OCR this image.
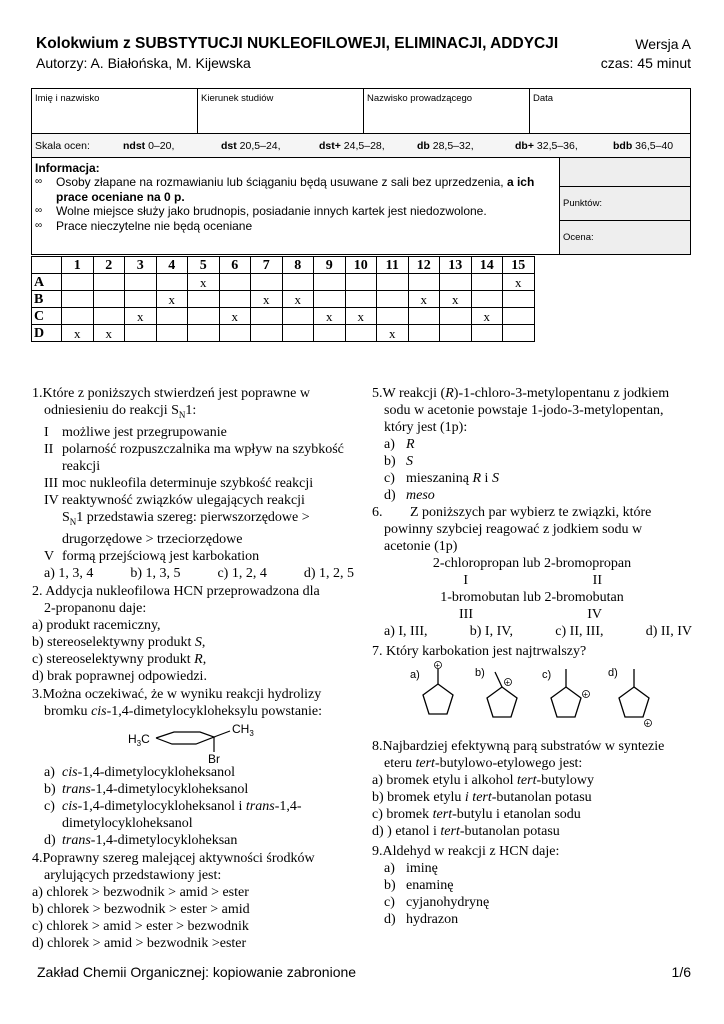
Kolokwium z SUBSTYTUCJI NUKLEOFILOWEJI, ELIMINACJI, ADDYCJI	Wersja A
Autorzy: A. Białońska, M. Kijewska	czas: 45 minut
Imię i nazwisko	Kierunek studiów	Nazwisko prowadzącego	Data
Skala ocen:	ndst 0–20,	dst 20,5–24,	dst+ 24,5–28,	db 28,5–32,	db+ 32,5–36,	bdb 36,5–40
Informacja:
∞	Osoby złapane na rozmawianiu lub ściąganiu będą usuwane z sali bez uprzedzenia, a ich prace oceniane na 0 p.
∞	Wolne miejsce służy jako brudnopis, posiadanie innych kartek jest niedozwolone.
∞	Prace nieczytelne nie będą oceniane
Punktów:
Ocena:
	1	2	3	4	5	6	7	8	9	10	11	12	13	14	15
A					x										x
B				x			x	x				x	x		
C			x			x			x	x				x	
D	x	x									x				
1.Które z poniższych stwierdzeń jest poprawne w
odniesieniu do reakcji $S_N1$:
I możliwe jest przegrupowanie
II polarność rozpuszczalnika ma wpływ na szybkość reakcji
III moc nukleofila determinuje szybkość reakcji
IV reaktywność związków ulegających reakcji
$S_N1$ przedstawia szereg: pierwszorzędowe > drugorzędowe > trzeciorzędowe
V formą przejściową jest karbokation
a) 1, 3, 4	b) 1, 3, 5	c) 1, 2, 4	d) 1, 2, 5
2. Addycja nukleofilowa HCN przeprowadzona dla
2-propanonu daje:
a) produkt racemiczny,
b) stereoselektywny produkt S,
c) stereoselektywny produkt R,
d) brak poprawnej odpowiedzi.
3.Można oczekiwać, że w wyniku reakcji hydrolizy
bromku cis-1,4-dimetylocykloheksylu powstanie:
$H_3C$
$CH_3$
Br
a) cis-1,4-dimetylocykloheksanol
b) trans-1,4-dimetylocykloheksanol
c) cis-1,4-dimetylocykloheksanol i trans-1,4-dimetylocykloheksanol
d) trans-1,4-dimetylocykloheksan
4.Poprawny szereg malejącej aktywności środków
arylujących przedstawiony jest:
a) chlorek > bezwodnik > amid > ester
b) chlorek > bezwodnik > ester > amid
c) chlorek > amid > ester > bezwodnik
d) chlorek > amid > bezwodnik >ester
5.W reakcji (R)-1-chloro-3-metylopentanu z jodkiem
sodu w acetonie powstaje 1-jodo-3-metylopentan,
który jest (1p):
a) R
b) S
c) mieszaniną R i S
d) meso
6.	Z poniższych par wybierz te związki, które
powinny szybciej reagować z jodkiem sodu w
acetonie (1p)
2-chloropropan lub 2-bromopropan
I	II
1-bromobutan lub 2-bromobutan
III	IV
a) I, III,	b) I, IV,	c) II, III,	d) II, IV
7. Który karbokation jest najtrwalszy?
a)
+
b)
+
c)
+
d)
+
8.Najbardziej efektywną parą substratów w syntezie
eteru tert-butylowo-etylowego jest:
a) bromek etylu i alkohol tert-butylowy
b) bromek etylu i tert-butanolan potasu
c) bromek tert-butylu i etanolan sodu
d) ) etanol i tert-butanolan potasu
9.Aldehyd w reakcji z HCN daje:
a) iminę
b) enaminę
c) cyjanohydrynę
d) hydrazon
Zakład Chemii Organicznej: kopiowanie zabronione	1/6
